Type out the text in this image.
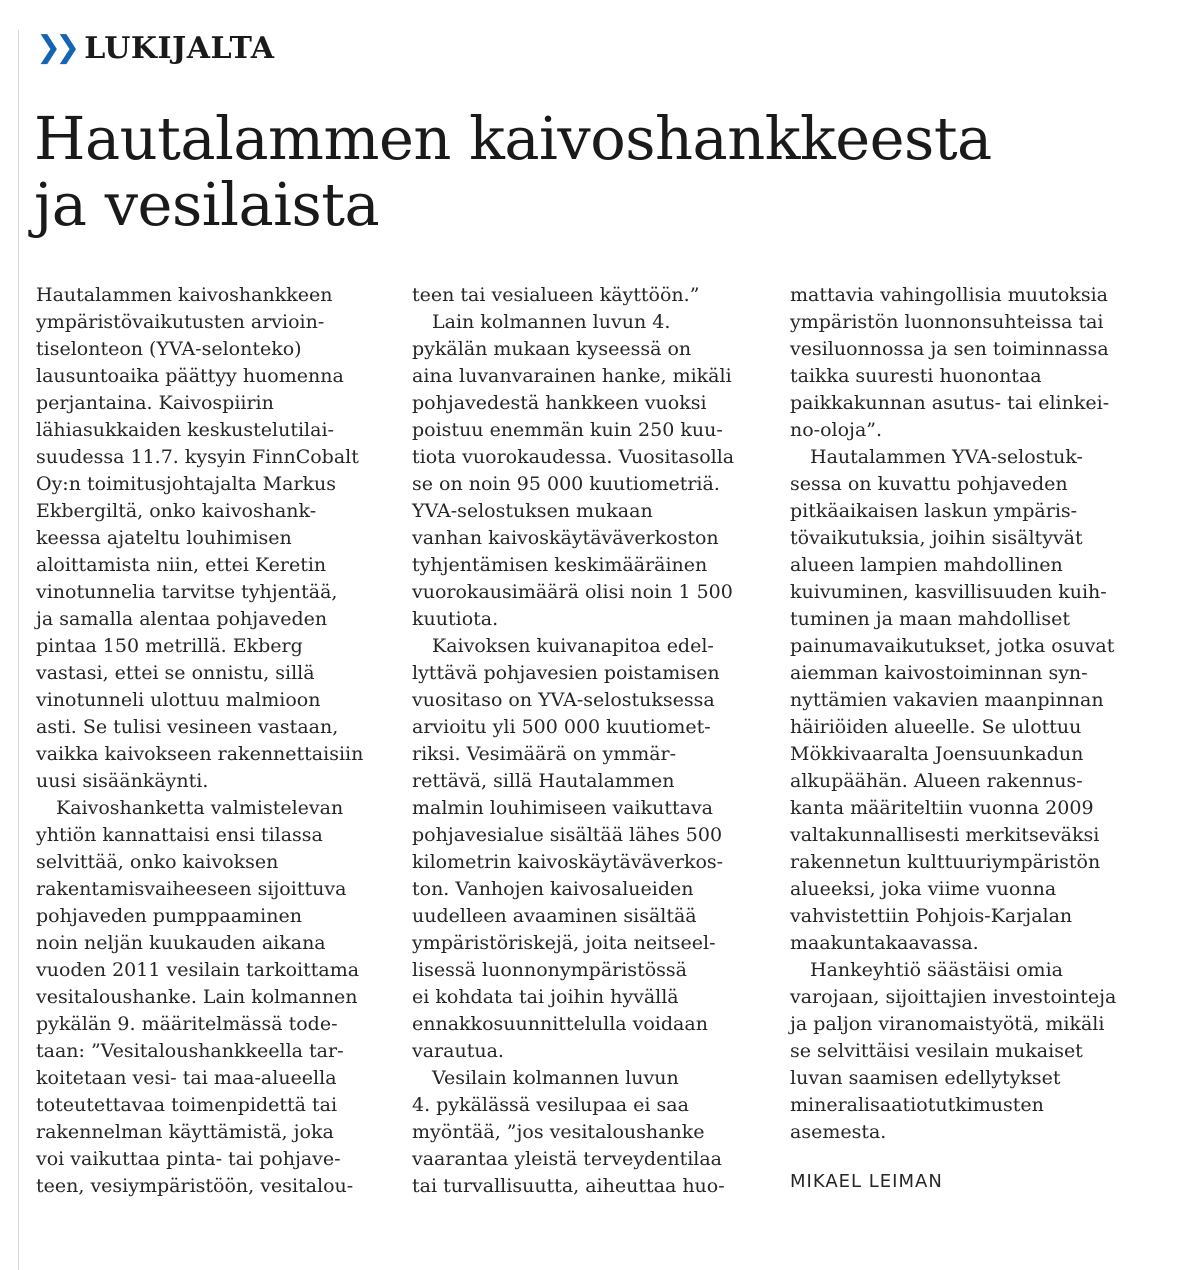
❯❯ LUKIJALTA
Hautalammen kaivoshankkeesta
ja vesilaista
Hautalammen kaivoshankkeen
ympäristövaikutusten arvioin-
tiselonteon (YVA-selonteko)
lausuntoaika päättyy huomenna
perjantaina. Kaivospiirin
lähiasukkaiden keskustelutilai-
suudessa 11.7. kysyin FinnCobalt
Oy:n toimitusjohtajalta Markus
Ekbergiltä, onko kaivoshank-
keessa ajateltu louhimisen
aloittamista niin, ettei Keretin
vinotunnelia tarvitse tyhjentää,
ja samalla alentaa pohjaveden
pintaa 150 metrillä. Ekberg
vastasi, ettei se onnistu, sillä
vinotunneli ulottuu malmioon
asti. Se tulisi vesineen vastaan,
vaikka kaivokseen rakennettaisiin
uusi sisäänkäynti.
Kaivoshanketta valmistelevan
yhtiön kannattaisi ensi tilassa
selvittää, onko kaivoksen
rakentamisvaiheeseen sijoittuva
pohjaveden pumppaaminen
noin neljän kuukauden aikana
vuoden 2011 vesilain tarkoittama
vesitaloushanke. Lain kolmannen
pykälän 9. määritelmässä tode-
taan: ”Vesitaloushankkeella tar-
koitetaan vesi- tai maa-alueella
toteutettavaa toimenpidettä tai
rakennelman käyttämistä, joka
voi vaikuttaa pinta- tai pohjave-
teen, vesiympäristöön, vesitalou-
teen tai vesialueen käyttöön.”
Lain kolmannen luvun 4.
pykälän mukaan kyseessä on
aina luvanvarainen hanke, mikäli
pohjavedestä hankkeen vuoksi
poistuu enemmän kuin 250 kuu-
tiota vuorokaudessa. Vuositasolla
se on noin 95 000 kuutiometriä.
YVA-selostuksen mukaan
vanhan kaivoskäytäväverkoston
tyhjentämisen keskimääräinen
vuorokausimäärä olisi noin 1 500
kuutiota.
Kaivoksen kuivanapitoa edel-
lyttävä pohjavesien poistamisen
vuositaso on YVA-selostuksessa
arvioitu yli 500 000 kuutiomet-
riksi. Vesimäärä on ymmär-
rettävä, sillä Hautalammen
malmin louhimiseen vaikuttava
pohjavesialue sisältää lähes 500
kilometrin kaivoskäytäväverkos-
ton. Vanhojen kaivosalueiden
uudelleen avaaminen sisältää
ympäristöriskejä, joita neitseel-
lisessä luonnonympäristössä
ei kohdata tai joihin hyvällä
ennakkosuunnittelulla voidaan
varautua.
Vesilain kolmannen luvun
4. pykälässä vesilupaa ei saa
myöntää, ”jos vesitaloushanke
vaarantaa yleistä terveydentilaa
tai turvallisuutta, aiheuttaa huo-
mattavia vahingollisia muutoksia
ympäristön luonnonsuhteissa tai
vesiluonnossa ja sen toiminnassa
taikka suuresti huonontaa
paikkakunnan asutus- tai elinkei-
no-oloja”.
Hautalammen YVA-selostuk-
sessa on kuvattu pohjaveden
pitkäaikaisen laskun ympäris-
tövaikutuksia, joihin sisältyvät
alueen lampien mahdollinen
kuivuminen, kasvillisuuden kuih-
tuminen ja maan mahdolliset
painumavaikutukset, jotka osuvat
aiemman kaivostoiminnan syn-
nyttämien vakavien maanpinnan
häiriöiden alueelle. Se ulottuu
Mökkivaaralta Joensuunkadun
alkupäähän. Alueen rakennus-
kanta määriteltiin vuonna 2009
valtakunnallisesti merkitseväksi
rakennetun kulttuuriympäristön
alueeksi, joka viime vuonna
vahvistettiin Pohjois-Karjalan
maakuntakaavassa.
Hankeyhtiö säästäisi omia
varojaan, sijoittajien investointeja
ja paljon viranomaistyötä, mikäli
se selvittäisi vesilain mukaiset
luvan saamisen edellytykset
mineralisaatiotutkimusten
asemesta.
MIKAEL LEIMAN
